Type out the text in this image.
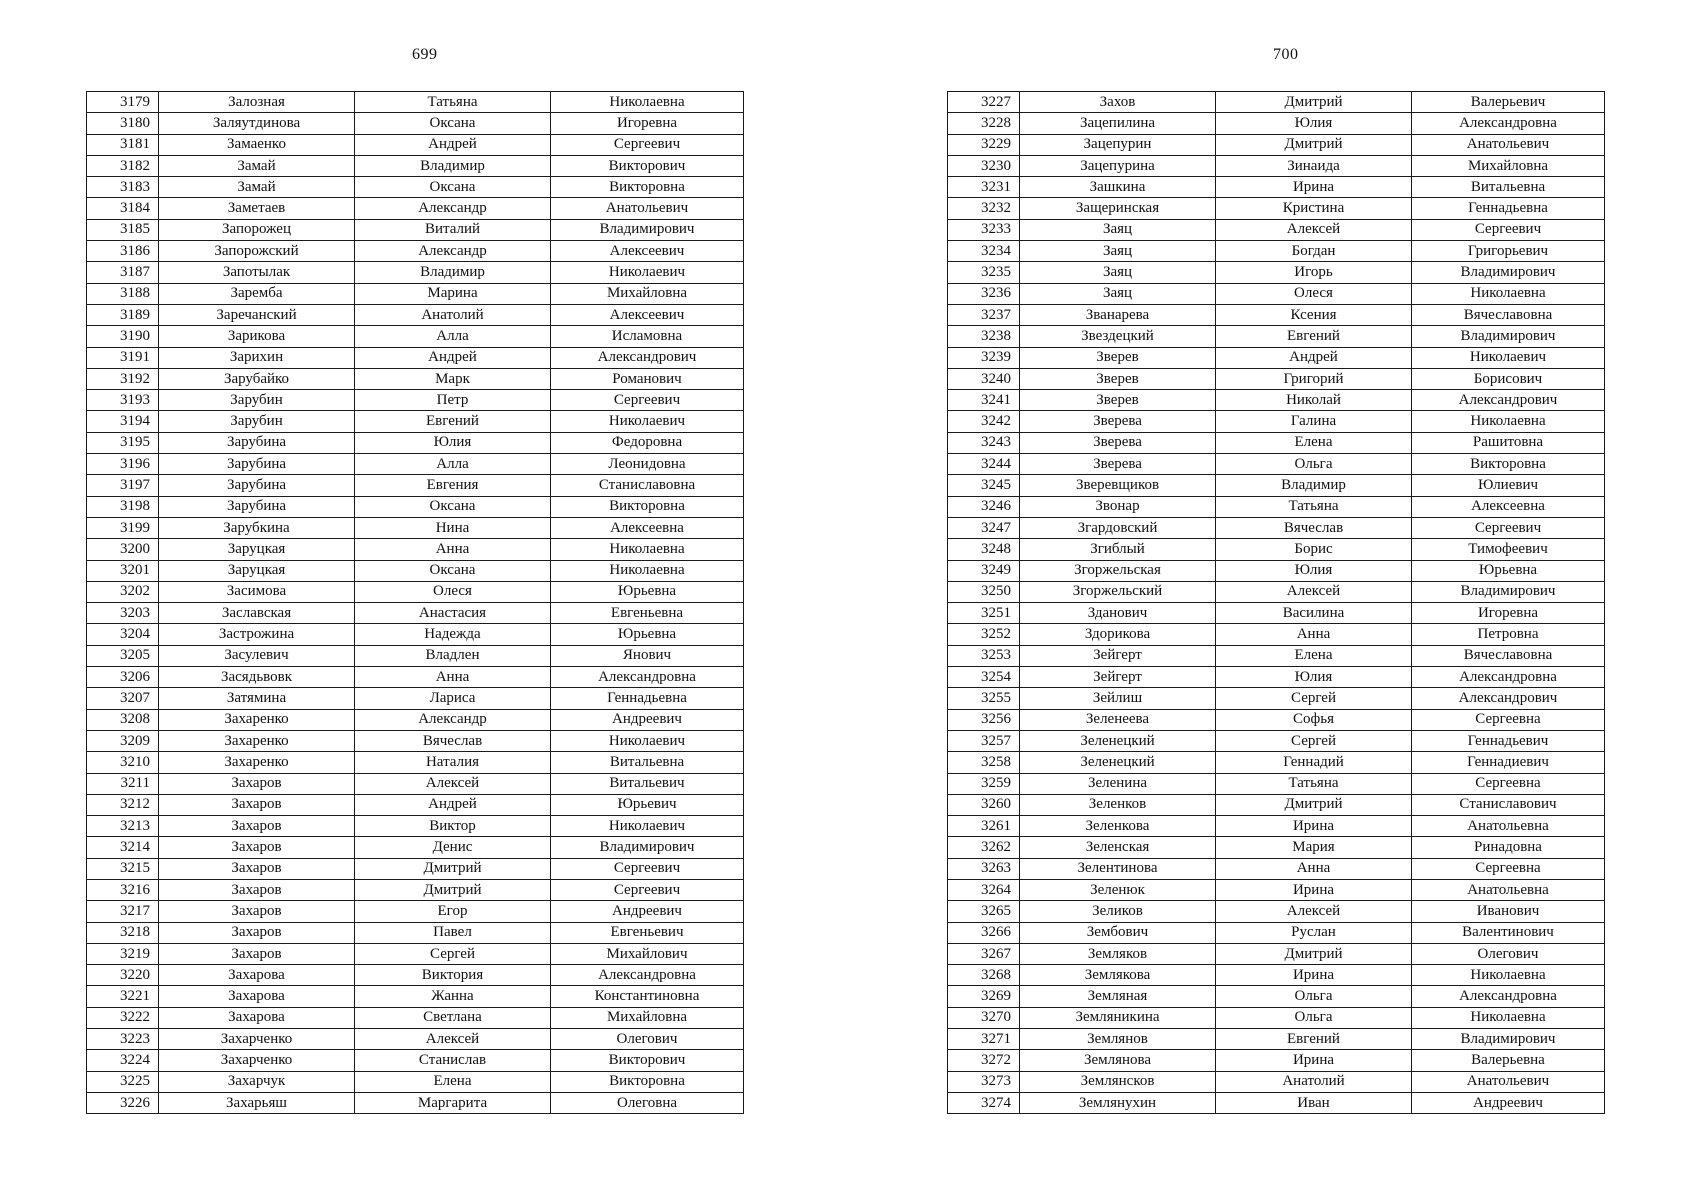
699
3179	Залозная	Татьяна	Николаевна
3180	Заляутдинова	Оксана	Игоревна
3181	Замаенко	Андрей	Сергеевич
3182	Замай	Владимир	Викторович
3183	Замай	Оксана	Викторовна
3184	Заметаев	Александр	Анатольевич
3185	Запорожец	Виталий	Владимирович
3186	Запорожский	Александр	Алексеевич
3187	Запотылак	Владимир	Николаевич
3188	Заремба	Марина	Михайловна
3189	Заречанский	Анатолий	Алексеевич
3190	Зарикова	Алла	Исламовна
3191	Зарихин	Андрей	Александрович
3192	Зарубайко	Марк	Романович
3193	Зарубин	Петр	Сергеевич
3194	Зарубин	Евгений	Николаевич
3195	Зарубина	Юлия	Федоровна
3196	Зарубина	Алла	Леонидовна
3197	Зарубина	Евгения	Станиславовна
3198	Зарубина	Оксана	Викторовна
3199	Зарубкина	Нина	Алексеевна
3200	Заруцкая	Анна	Николаевна
3201	Заруцкая	Оксана	Николаевна
3202	Засимова	Олеся	Юрьевна
3203	Заславская	Анастасия	Евгеньевна
3204	Застрожина	Надежда	Юрьевна
3205	Засулевич	Владлен	Янович
3206	Засядьвовк	Анна	Александровна
3207	Затямина	Лариса	Геннадьевна
3208	Захаренко	Александр	Андреевич
3209	Захаренко	Вячеслав	Николаевич
3210	Захаренко	Наталия	Витальевна
3211	Захаров	Алексей	Витальевич
3212	Захаров	Андрей	Юрьевич
3213	Захаров	Виктор	Николаевич
3214	Захаров	Денис	Владимирович
3215	Захаров	Дмитрий	Сергеевич
3216	Захаров	Дмитрий	Сергеевич
3217	Захаров	Егор	Андреевич
3218	Захаров	Павел	Евгеньевич
3219	Захаров	Сергей	Михайлович
3220	Захарова	Виктория	Александровна
3221	Захарова	Жанна	Константиновна
3222	Захарова	Светлана	Михайловна
3223	Захарченко	Алексей	Олегович
3224	Захарченко	Станислав	Викторович
3225	Захарчук	Елена	Викторовна
3226	Захарьяш	Маргарита	Олеговна
700
3227	Захов	Дмитрий	Валерьевич
3228	Зацепилина	Юлия	Александровна
3229	Зацепурин	Дмитрий	Анатольевич
3230	Зацепурина	Зинаида	Михайловна
3231	Зашкина	Ирина	Витальевна
3232	Защеринская	Кристина	Геннадьевна
3233	Заяц	Алексей	Сергеевич
3234	Заяц	Богдан	Григорьевич
3235	Заяц	Игорь	Владимирович
3236	Заяц	Олеся	Николаевна
3237	Званарева	Ксения	Вячеславовна
3238	Звездецкий	Евгений	Владимирович
3239	Зверев	Андрей	Николаевич
3240	Зверев	Григорий	Борисович
3241	Зверев	Николай	Александрович
3242	Зверева	Галина	Николаевна
3243	Зверева	Елена	Рашитовна
3244	Зверева	Ольга	Викторовна
3245	Зверевщиков	Владимир	Юлиевич
3246	Звонар	Татьяна	Алексеевна
3247	Згардовский	Вячеслав	Сергеевич
3248	Згиблый	Борис	Тимофеевич
3249	Згоржельская	Юлия	Юрьевна
3250	Згоржельский	Алексей	Владимирович
3251	Зданович	Василина	Игоревна
3252	Здорикова	Анна	Петровна
3253	Зейгерт	Елена	Вячеславовна
3254	Зейгерт	Юлия	Александровна
3255	Зейлиш	Сергей	Александрович
3256	Зеленеева	Софья	Сергеевна
3257	Зеленецкий	Сергей	Геннадьевич
3258	Зеленецкий	Геннадий	Геннадиевич
3259	Зеленина	Татьяна	Сергеевна
3260	Зеленков	Дмитрий	Станиславович
3261	Зеленкова	Ирина	Анатольевна
3262	Зеленская	Мария	Ринадовна
3263	Зелентинова	Анна	Сергеевна
3264	Зеленюк	Ирина	Анатольевна
3265	Зеликов	Алексей	Иванович
3266	Зембович	Руслан	Валентинович
3267	Земляков	Дмитрий	Олегович
3268	Землякова	Ирина	Николаевна
3269	Земляная	Ольга	Александровна
3270	Земляникина	Ольга	Николаевна
3271	Землянов	Евгений	Владимирович
3272	Землянова	Ирина	Валерьевна
3273	Землянсков	Анатолий	Анатольевич
3274	Землянухин	Иван	Андреевич
